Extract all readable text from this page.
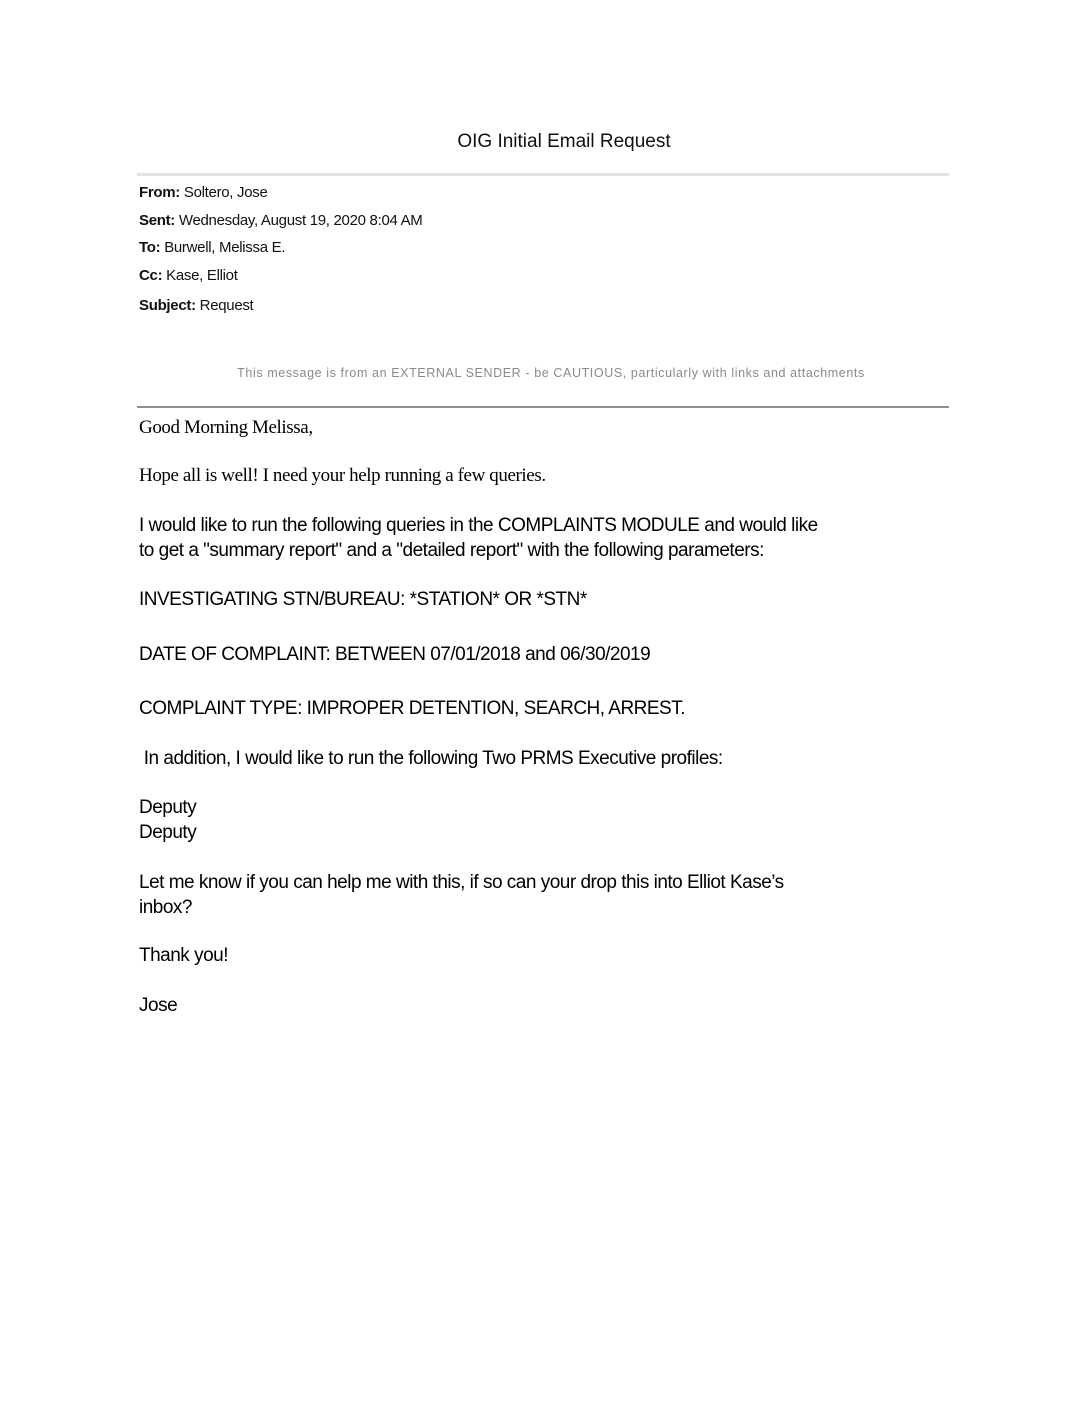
OIG Initial Email Request
From: Soltero, Jose
Sent: Wednesday, August 19, 2020 8:04 AM
To: Burwell, Melissa E.
Cc: Kase, Elliot
Subject: Request
This message is from an EXTERNAL SENDER - be CAUTIOUS, particularly with links and attachments
Good Morning Melissa,
Hope all is well! I need your help running a few queries.
I would like to run the following queries in the COMPLAINTS MODULE and would like
to get a "summary report" and a "detailed report" with the following parameters:
INVESTIGATING STN/BUREAU: *STATION* OR *STN*
DATE OF COMPLAINT: BETWEEN 07/01/2018 and 06/30/2019
COMPLAINT TYPE: IMPROPER DETENTION, SEARCH, ARREST.
In addition, I would like to run the following Two PRMS Executive profiles:
Deputy
Deputy
Let me know if you can help me with this, if so can your drop this into Elliot Kase’s
inbox?
Thank you!
Jose
